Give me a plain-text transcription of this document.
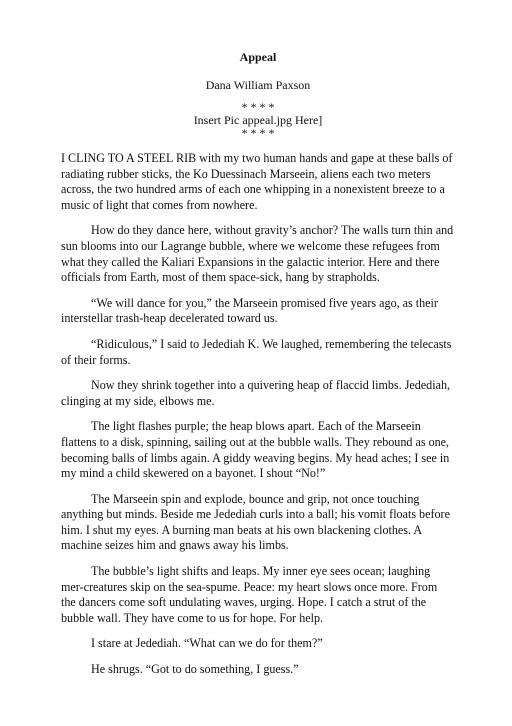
Appeal
Dana William Paxson
* * * *
Insert Pic appeal.jpg Here]
* * * *

I CLING TO A STEEL RIB with my two human hands and gape at these balls of radiating rubber sticks, the Ko Duessinach Marseein, aliens each two meters across, the two hundred arms of each one whipping in a nonexistent breeze to a music of light that comes from nowhere.

How do they dance here, without gravity’s anchor? The walls turn thin and sun blooms into our Lagrange bubble, where we welcome these refugees from what they called the Kaliari Expansions in the galactic interior. Here and there officials from Earth, most of them space-sick, hang by strapholds.

“We will dance for you,” the Marseein promised five years ago, as their interstellar trash-heap decelerated toward us.

“Ridiculous,” I said to Jedediah K. We laughed, remembering the telecasts of their forms.

Now they shrink together into a quivering heap of flaccid limbs. Jedediah, clinging at my side, elbows me.

The light flashes purple; the heap blows apart. Each of the Marseein flattens to a disk, spinning, sailing out at the bubble walls. They rebound as one, becoming balls of limbs again. A giddy weaving begins. My head aches; I see in my mind a child skewered on a bayonet. I shout “No!”

The Marseein spin and explode, bounce and grip, not once touching anything but minds. Beside me Jedediah curls into a ball; his vomit floats before him. I shut my eyes. A burning man beats at his own blackening clothes. A machine seizes him and gnaws away his limbs.

The bubble’s light shifts and leaps. My inner eye sees ocean; laughing mer-creatures skip on the sea-spume. Peace: my heart slows once more. From the dancers come soft undulating waves, urging. Hope. I catch a strut of the bubble wall. They have come to us for hope. For help.

I stare at Jedediah. “What can we do for them?”

He shrugs. “Got to do something, I guess.”
